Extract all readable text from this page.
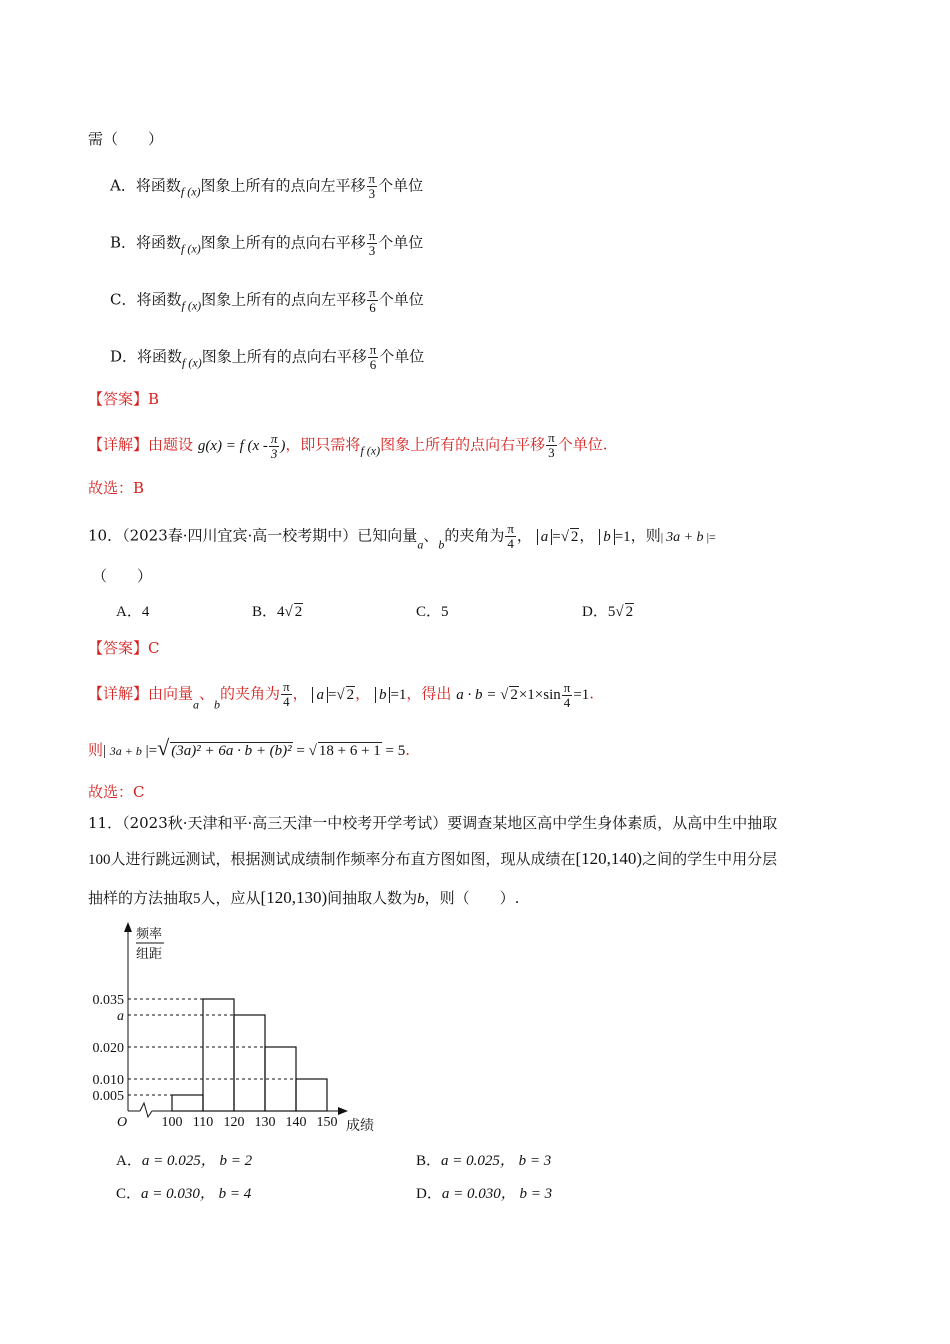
需（　　）
A．将函数$_{f (x)}$图象上所有的点向左平移 $\frac{\pi}{3}$ 个单位
B．将函数$_{f (x)}$图象上所有的点向右平移 $\frac{\pi}{3}$ 个单位
C．将函数$_{f (x)}$图象上所有的点向左平移 $\frac{\pi}{6}$ 个单位
D．将函数$_{f (x)}$图象上所有的点向右平移 $\frac{\pi}{6}$ 个单位
【答案】B
【详解】由题设 g(x) = f ($x - \frac{\pi}{3}$ )，即只需将$_{f (x)}$图象上所有的点向右平移 $\frac{\pi}{3}$ 个单位.
故选：B
10．（2023春·四川宜宾·高一校考期中）已知向量$_a$、$_b$的夹角为 $\frac{\pi}{4}$ ， a =√ 2， b =1，则| 3a + b |=
（　　）
A．4	B．4√ 2	C．5	D．5√ 2
【答案】C
【详解】由向量$_a$、$_b$的夹角为 $\frac{\pi}{4}$ ， a =√ 2， b =1，得出 a · b = √ $2\times 1\times\sin \frac{\pi}{4} =1$.
则| 3a + b |=√ (3a)² + 6a · b + (b)² = √ 18 + 6 + 1 = 5.
故选：C
11．（2023秋·天津和平·高三天津一中校考开学考试）要调查某地区高中学生身体素质，从高中生中抽取
100人进行跳远测试，根据测试成绩制作频率分布直方图如图，现从成绩在[120,140)之间的学生中用分层
抽样的方法抽取5人，应从[120,130)间抽取人数为b，则（　　）.
0.035
a
0.020
0.010
0.005
100 110 120 130 140 150
O	成绩
频率
组距
A．a = 0.025， b = 2	B．a = 0.025， b = 3
C．a = 0.030， b = 4	D．a = 0.030， b = 3
